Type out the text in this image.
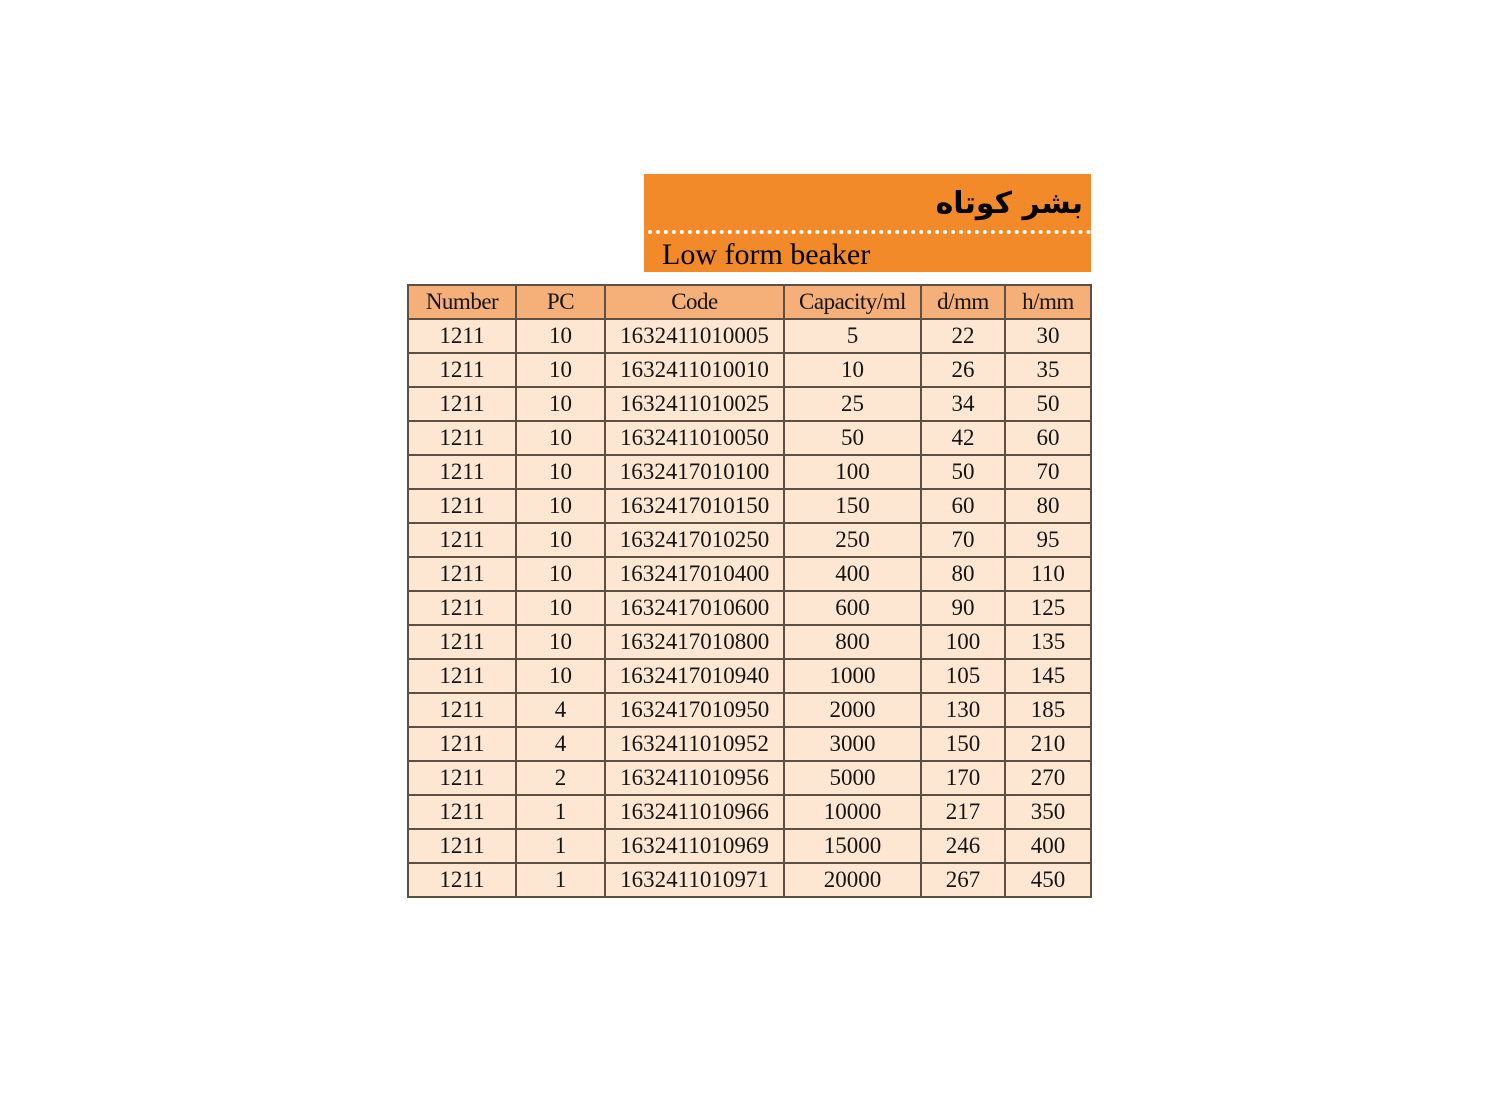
بشر کوتاه
Low form beaker
Number	PC	Code	Capacity/ml	d/mm	h/mm
1211	10	1632411010005	5	22	30
1211	10	1632411010010	10	26	35
1211	10	1632411010025	25	34	50
1211	10	1632411010050	50	42	60
1211	10	1632417010100	100	50	70
1211	10	1632417010150	150	60	80
1211	10	1632417010250	250	70	95
1211	10	1632417010400	400	80	110
1211	10	1632417010600	600	90	125
1211	10	1632417010800	800	100	135
1211	10	1632417010940	1000	105	145
1211	4	1632417010950	2000	130	185
1211	4	1632411010952	3000	150	210
1211	2	1632411010956	5000	170	270
1211	1	1632411010966	10000	217	350
1211	1	1632411010969	15000	246	400
1211	1	1632411010971	20000	267	450
